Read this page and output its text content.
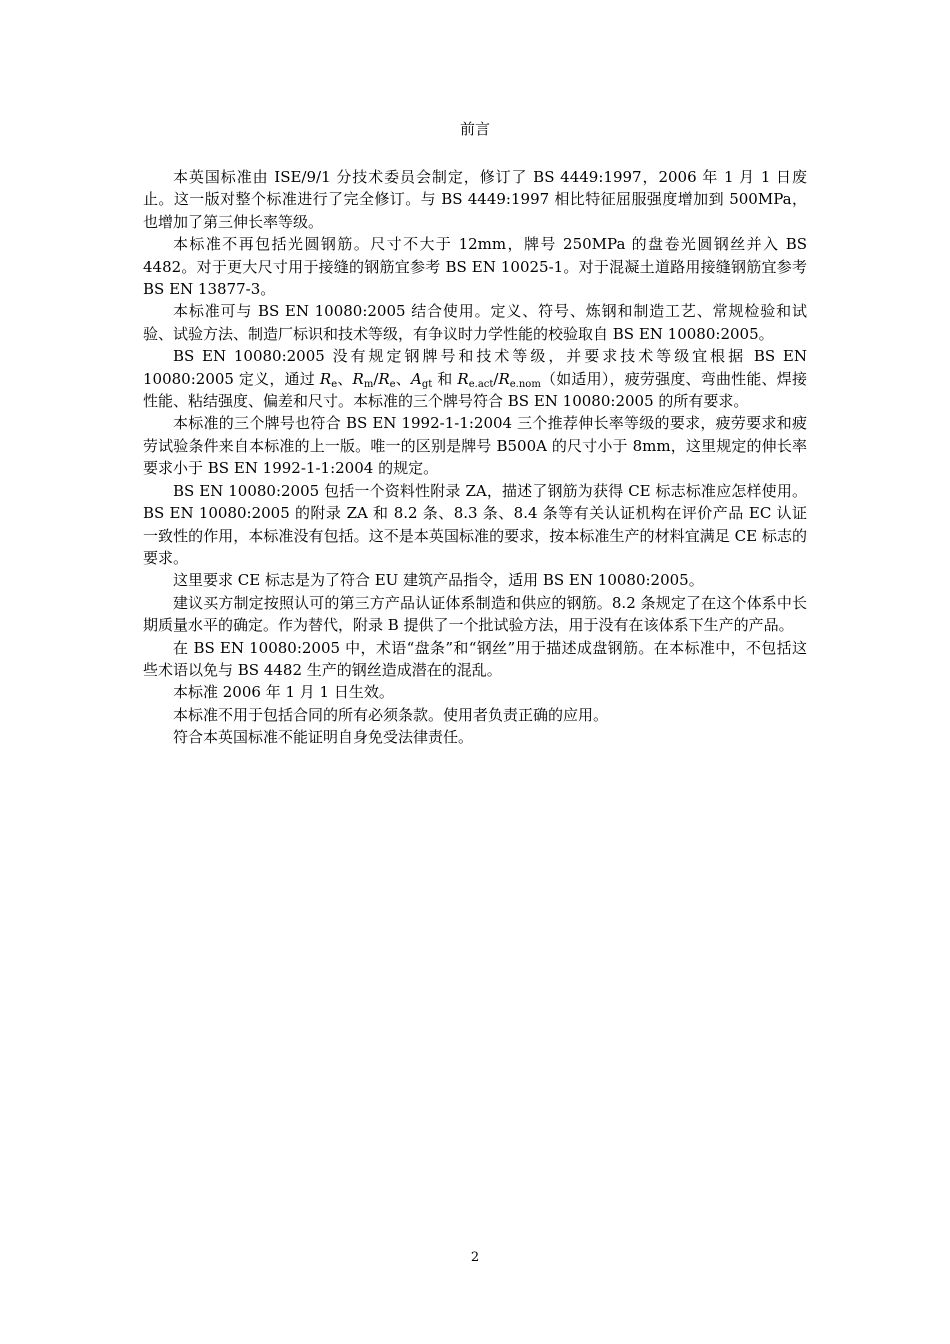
前言

本英国标准由 ISE/9/1 分技术委员会制定，修订了 BS 4449:1997，2006 年 1 月 1 日废止。这一版对整个标准进行了完全修订。与 BS 4449:1997 相比特征屈服强度增加到 500MPa，也增加了第三伸长率等级。

本标准不再包括光圆钢筋。尺寸不大于 12mm，牌号 250MPa 的盘卷光圆钢丝并入 BS 4482。对于更大尺寸用于接缝的钢筋宜参考 BS EN 10025-1。对于混凝土道路用接缝钢筋宜参考 BS EN 13877-3。

本标准可与 BS EN 10080:2005 结合使用。定义、符号、炼钢和制造工艺、常规检验和试验、试验方法、制造厂标识和技术等级，有争议时力学性能的校验取自 BS EN 10080:2005。

BS EN 10080:2005 没有规定钢牌号和技术等级，并要求技术等级宜根据 BS EN 10080:2005 定义，通过 $R_e$、$R_m/R_e$、$A_{gt}$ 和 $R_{e.act}/R_{e.nom}$（如适用），疲劳强度、弯曲性能、焊接性能、粘结强度、偏差和尺寸。本标准的三个牌号符合 BS EN 10080:2005 的所有要求。

本标准的三个牌号也符合 BS EN 1992-1-1:2004 三个推荐伸长率等级的要求，疲劳要求和疲劳试验条件来自本标准的上一版。唯一的区别是牌号 B500A 的尺寸小于 8mm，这里规定的伸长率要求小于 BS EN 1992-1-1:2004 的规定。

BS EN 10080:2005 包括一个资料性附录 ZA，描述了钢筋为获得 CE 标志标准应怎样使用。BS EN 10080:2005 的附录 ZA 和 8.2 条、8.3 条、8.4 条等有关认证机构在评价产品 EC 认证一致性的作用，本标准没有包括。这不是本英国标准的要求，按本标准生产的材料宜满足 CE 标志的要求。

这里要求 CE 标志是为了符合 EU 建筑产品指令，适用 BS EN 10080:2005。

建议买方制定按照认可的第三方产品认证体系制造和供应的钢筋。8.2 条规定了在这个体系中长期质量水平的确定。作为替代，附录 B 提供了一个批试验方法，用于没有在该体系下生产的产品。

在 BS EN 10080:2005 中，术语“盘条”和“钢丝”用于描述成盘钢筋。在本标准中，不包括这些术语以免与 BS 4482 生产的钢丝造成潜在的混乱。

本标准 2006 年 1 月 1 日生效。

本标准不用于包括合同的所有必须条款。使用者负责正确的应用。

符合本英国标准不能证明自身免受法律责任。

2
